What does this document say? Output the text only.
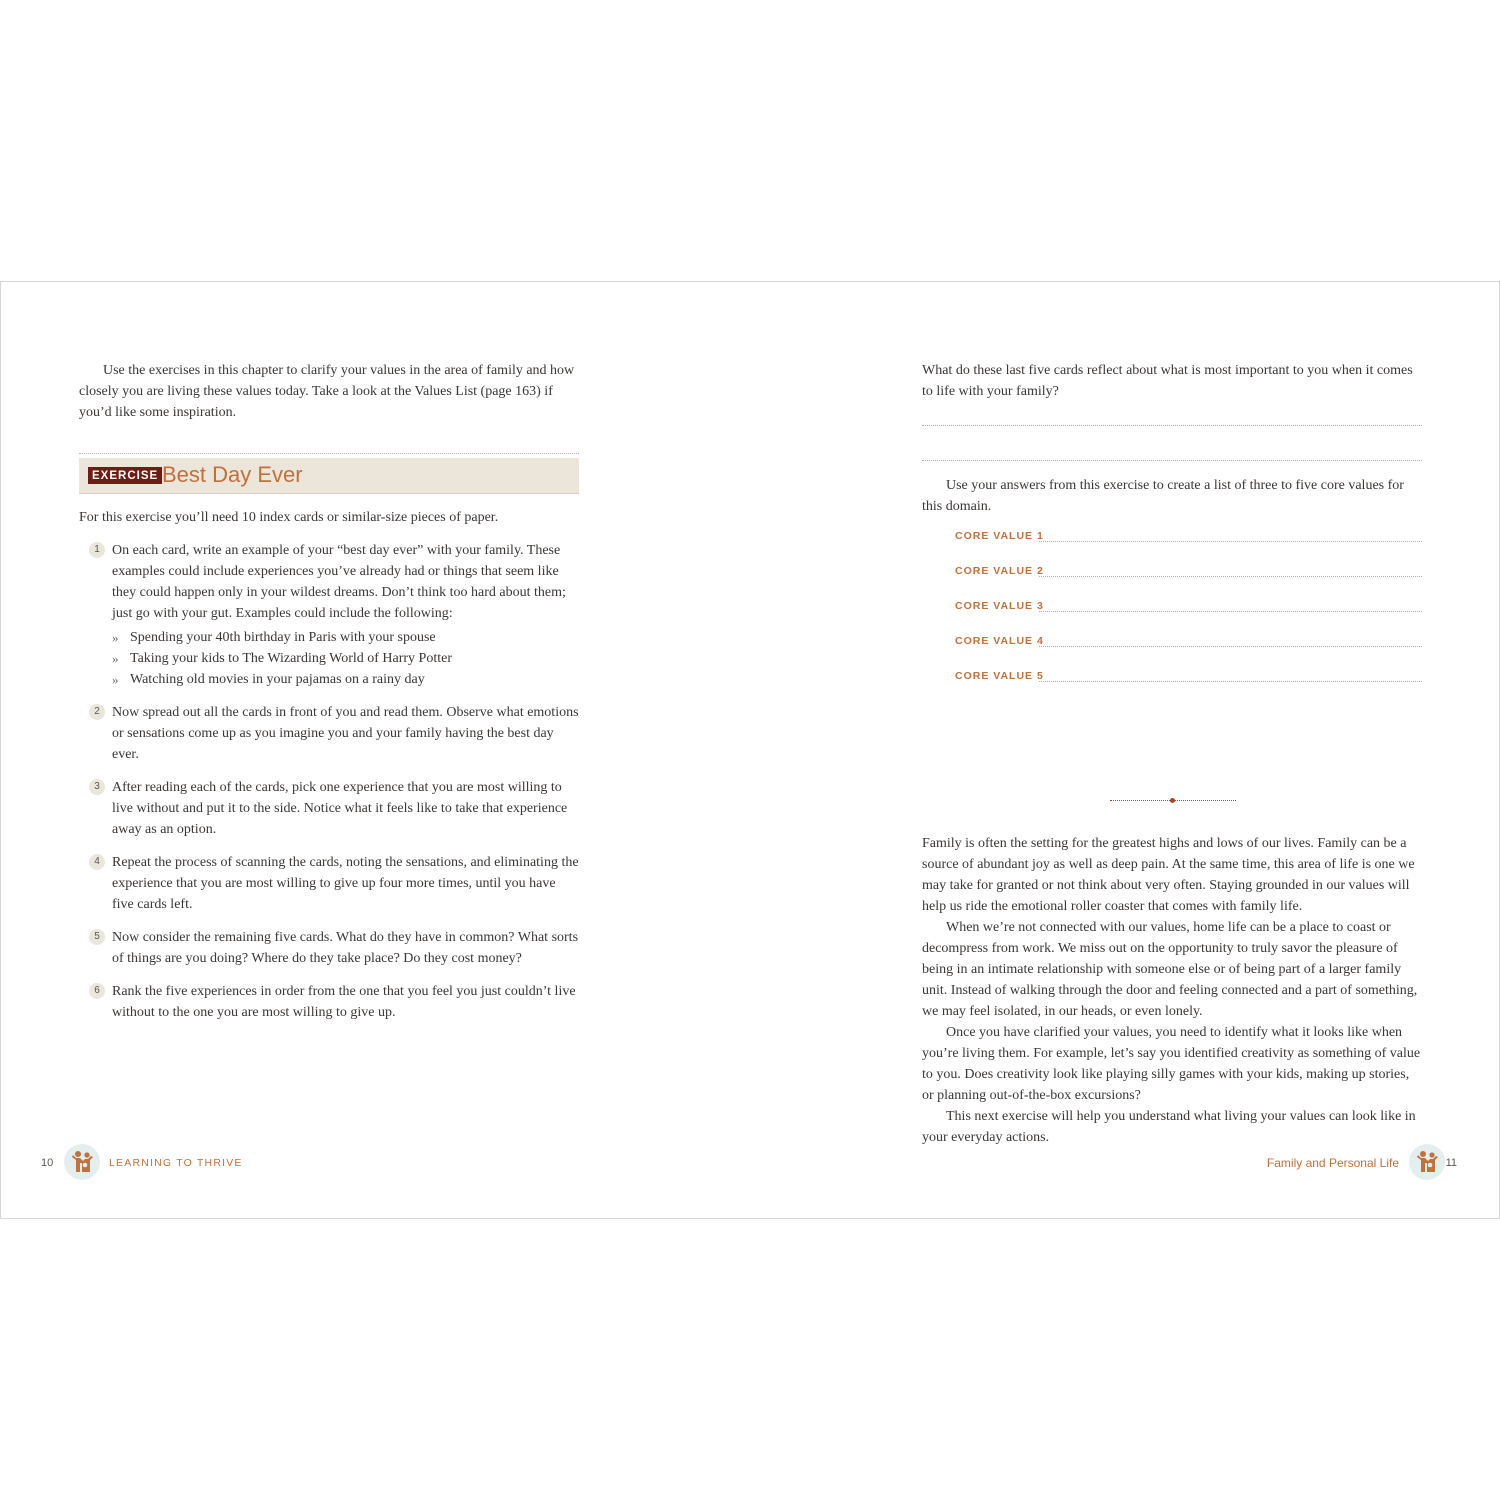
Use the exercises in this chapter to clarify your values in the area of family and how closely you are living these values today. Take a look at the Values List (page 163) if you’d like some inspiration.

EXERCISE Best Day Ever

For this exercise you’ll need 10 index cards or similar-size pieces of paper.

1 On each card, write an example of your “best day ever” with your family. These examples could include experiences you’ve already had or things that seem like they could happen only in your wildest dreams. Don’t think too hard about them; just go with your gut. Examples could include the following:

» Spending your 40th birthday in Paris with your spouse
» Taking your kids to The Wizarding World of Harry Potter
» Watching old movies in your pajamas on a rainy day
2 Now spread out all the cards in front of you and read them. Observe what emotions or sensations come up as you imagine you and your family having the best day ever.

3 After reading each of the cards, pick one experience that you are most willing to live without and put it to the side. Notice what it feels like to take that experience away as an option.

4 Repeat the process of scanning the cards, noting the sensations, and eliminating the experience that you are most willing to give up four more times, until you have five cards left.

5 Now consider the remaining five cards. What do they have in common? What sorts of things are you doing? Where do they take place? Do they cost money?

6 Rank the five experiences in order from the one that you feel you just couldn’t live without to the one you are most willing to give up.

What do these last five cards reflect about what is most important to you when it comes to life with your family?

Use your answers from this exercise to create a list of three to five core values for this domain.

CORE VALUE 1
CORE VALUE 2
CORE VALUE 3
CORE VALUE 4
CORE VALUE 5

Family is often the setting for the greatest highs and lows of our lives. Family can be a source of abundant joy as well as deep pain. At the same time, this area of life is one we may take for granted or not think about very often. Staying grounded in our values will help us ride the emotional roller coaster that comes with family life.

When we’re not connected with our values, home life can be a place to coast or decompress from work. We miss out on the opportunity to truly savor the pleasure of being in an intimate relationship with someone else or of being part of a larger family unit. Instead of walking through the door and feeling connected and a part of something, we may feel isolated, in our heads, or even lonely.

Once you have clarified your values, you need to identify what it looks like when you’re living them. For example, let’s say you identified creativity as something of value to you. Does creativity look like playing silly games with your kids, making up stories, or planning out-of-the-box excursions?

This next exercise will help you understand what living your values can look like in your everyday actions.

10	LEARNING TO THRIVE	Family and Personal Life	11
